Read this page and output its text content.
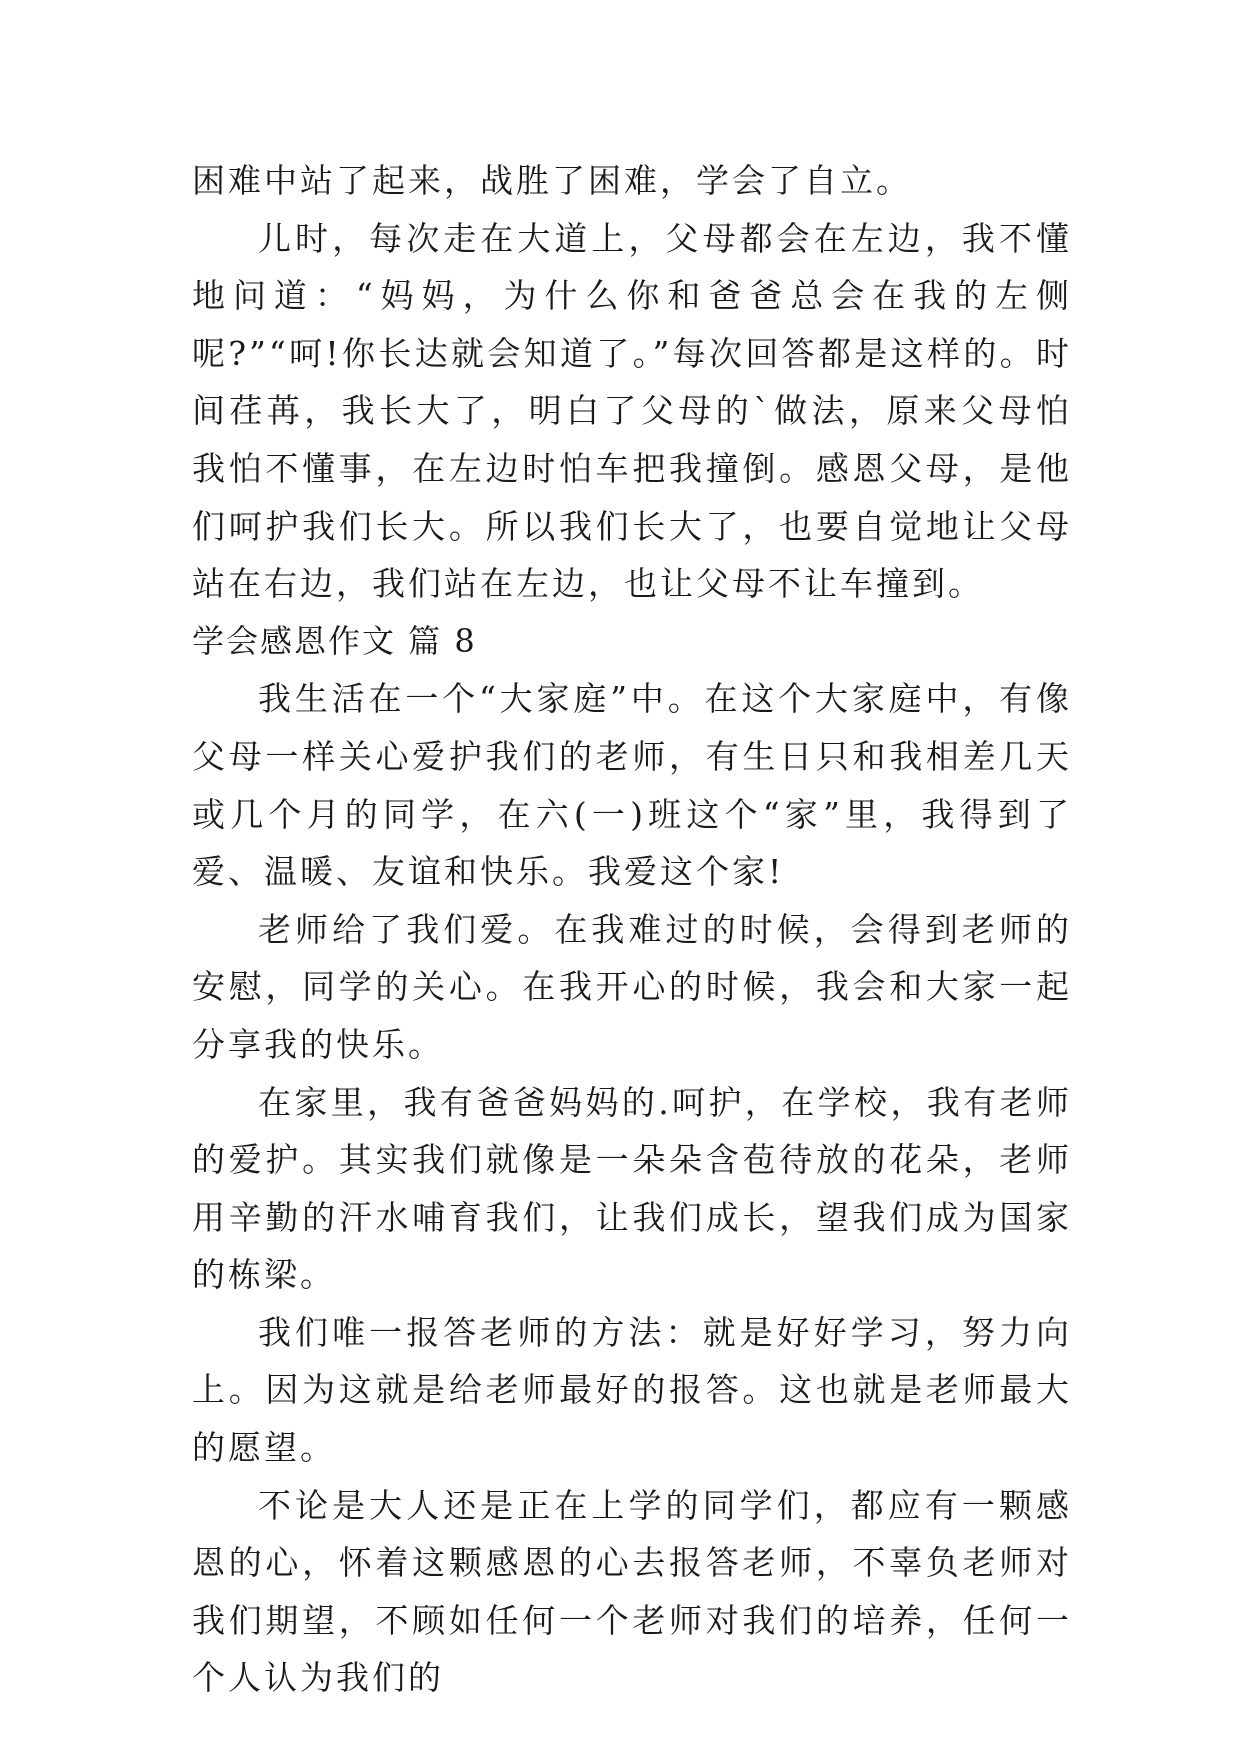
困难中站了起来，战胜了困难，学会了自立。

儿时，每次走在大道上，父母都会在左边，我不懂地问道：“妈妈，为什么你和爸爸总会在我的左侧呢?”“呵!你长达就会知道了。”每次回答都是这样的。时间荏苒，我长大了，明白了父母的`做法，原来父母怕我怕不懂事，在左边时怕车把我撞倒。感恩父母，是他们呵护我们长大。所以我们长大了，也要自觉地让父母站在右边，我们站在左边，也让父母不让车撞到。

学会感恩作文 篇 8

我生活在一个“大家庭”中。在这个大家庭中，有像父母一样关心爱护我们的老师，有生日只和我相差几天或几个月的同学，在六(一)班这个“家”里，我得到了爱、温暖、友谊和快乐。我爱这个家!

老师给了我们爱。在我难过的时候，会得到老师的安慰，同学的关心。在我开心的时候，我会和大家一起分享我的快乐。

在家里，我有爸爸妈妈的.呵护，在学校，我有老师的爱护。其实我们就像是一朵朵含苞待放的花朵，老师用辛勤的汗水哺育我们，让我们成长，望我们成为国家的栋梁。

我们唯一报答老师的方法：就是好好学习，努力向上。因为这就是给老师最好的报答。这也就是老师最大的愿望。

不论是大人还是正在上学的同学们，都应有一颗感恩的心，怀着这颗感恩的心去报答老师，不辜负老师对我们期望，不顾如任何一个老师对我们的培养，任何一个人认为我们的
